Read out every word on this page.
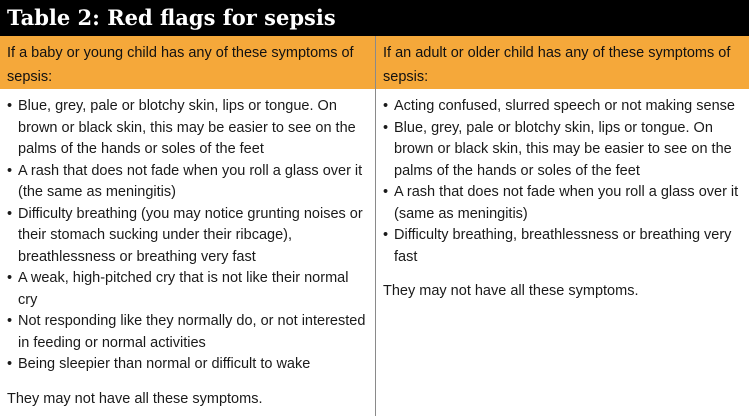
Table 2: Red flags for sepsis
If a baby or young child has any of these symptoms of sepsis:
If an adult or older child has any of these symptoms of sepsis:
• Blue, grey, pale or blotchy skin, lips or tongue. On brown or black skin, this may be easier to see on the palms of the hands or soles of the feet
• A rash that does not fade when you roll a glass over it (the same as meningitis)
• Difficulty breathing (you may notice grunting noises or their stomach sucking under their ribcage), breathlessness or breathing very fast
• A weak, high-pitched cry that is not like their normal cry
• Not responding like they normally do, or not interested in feeding or normal activities
• Being sleepier than normal or difficult to wake
They may not have all these symptoms.
• Acting confused, slurred speech or not making sense
• Blue, grey, pale or blotchy skin, lips or tongue. On brown or black skin, this may be easier to see on the palms of the hands or soles of the feet
• A rash that does not fade when you roll a glass over it (same as meningitis)
• Difficulty breathing, breathlessness or breathing very fast
They may not have all these symptoms.
